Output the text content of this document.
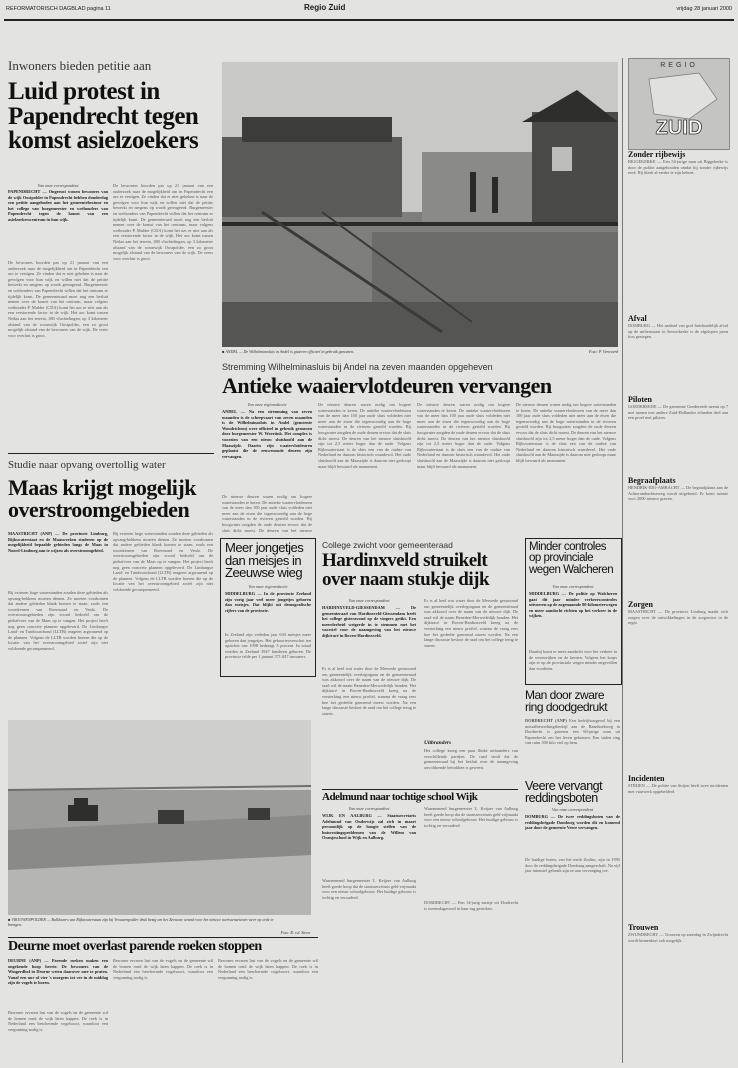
REFORMATORISCH DAGBLAD pagina 11	Regio Zuid	vrijdag 28 januari 2000
Inwoners bieden petitie aan
Luid protest in Papendrecht tegen komst asielzoekers
Van onze correspondent
PAPENDRECHT — Ongerust wonen bewoners van de wijk Oostpolder in Papendrecht hebben donderdag een petitie aangeboden aan het gemeentebestuur en het college van burgemeester en wethouders van Papendrecht tegen de komst van een asielzoekerscentrum in hun wijk.
De bewoners boorden pas op 21 januari van een onderzoek naar de mogelijkheid om in Papendrecht een azc te vestigen. Ze vinden dat er niet gekeken is naar de gevolgen voor hun wijk en willen niet dat de petitie bewerkt en nergens op wordt gereageerd. Burgemeester en wethouders van Papendrecht willen dat het centrum er tijdelijk komt. De gemeenteraad moet nog een besluit nemen over de komst van het centrum, maar volgens wethouder P. Mulder (CDA) komt het azc er niet aan als een verstorende factor in de wijk. Het azc komt tussen Nedaa aan het terrein, 380 vluchtelingen, op 3 kilometer afstand van de woonwijk Oostpolder, een zo groot mogelijk afstand van de bewoners van de wijk. De vrees voor overlast is groot.
De bewoners boorden pas op 21 januari van een onderzoek naar de mogelijkheid om in Papendrecht een azc te vestigen. Ze vinden dat er niet gekeken is naar de gevolgen voor hun wijk en willen niet dat de petitie bewerkt en nergens op wordt gereageerd. Burgemeester en wethouders van Papendrecht willen dat het centrum er tijdelijk komt. De gemeenteraad moet nog een besluit nemen over de komst van het centrum, maar volgens wethouder P. Mulder (CDA) komt het azc er niet aan als een verstorende factor in de wijk. Het azc komt tussen Nedaa aan het terrein, 380 vluchtelingen, op 3 kilometer afstand van de woonwijk Oostpolder, een zo groot mogelijk afstand van de bewoners van de wijk. De vrees voor overlast is groot.
■ ANDEL — De Wilhelminasluis in Andel is gisteren officieel in gebruik genomen.	Foto: P. Verwoerd
Stremming Wilhelminasluis bij Andel na zeven maanden opgeheven
Antieke waaiervlotdeuren vervangen
Van onze regioredactie
ANDEL — Na een stremming van zeven maanden is de scheepvaart van zeven maanden is de Wilhelminasluis in Andel (gemeente Woudrichem) weer officieel in gebruik genomen door burgemeester W. Woertink. Het complex is voorzien van een nieuw sluishoofd aan de Maaszijde. Daarin zijn waaiervlotdeuren geplaatst die de eeuwenoude deuren zijn vervangen.
De nieuwe deuren waren nodig om hogere waterstanden te keren. De antieke waaiervlotdeuren van de meer dan 100 jaar oude sluis voldeden niet meer aan de eisen die tegenwoordig aan de hoge waterstanden in de rivieren gesteld worden. Bij hoogwater zorgden de oude deuren ervoor dat de sluis dicht moest. De deuren van het nieuwe
De nieuwe deuren waren nodig om hogere waterstanden te keren. De antieke waaiervlotdeuren van de meer dan 100 jaar oude sluis voldeden niet meer aan de eisen die tegenwoordig aan de hoge waterstanden in de rivieren gesteld worden. Bij hoogwater zorgden de oude deuren ervoor dat de sluis dicht moest. De deuren van het nieuwe sluishoofd zijn tot 2,5 meter hoger dan de oude. Volgens Rijkswaterstaat is de sluis een van de oudste van Nederland en daarom historisch waardevol. Het oude sluishoofd aan de Maaszijde is daarom niet gesloopt maar blijft bewaard als monument.
De nieuwe deuren waren nodig om hogere waterstanden te keren. De antieke waaiervlotdeuren van de meer dan 100 jaar oude sluis voldeden niet meer aan de eisen die tegenwoordig aan de hoge waterstanden in de rivieren gesteld worden. Bij hoogwater zorgden de oude deuren ervoor dat de sluis dicht moest. De deuren van het nieuwe sluishoofd zijn tot 2,5 meter hoger dan de oude. Volgens Rijkswaterstaat is de sluis een van de oudste van Nederland en daarom historisch waardevol. Het oude sluishoofd aan de Maaszijde is daarom niet gesloopt maar blijft bewaard als monument.
De nieuwe deuren waren nodig om hogere waterstanden te keren. De antieke waaiervlotdeuren van de meer dan 100 jaar oude sluis voldeden niet meer aan de eisen die tegenwoordig aan de hoge waterstanden in de rivieren gesteld worden. Bij hoogwater zorgden de oude deuren ervoor dat de sluis dicht moest. De deuren van het nieuwe sluishoofd zijn tot 2,5 meter hoger dan de oude. Volgens Rijkswaterstaat is de sluis een van de oudste van Nederland en daarom historisch waardevol. Het oude sluishoofd aan de Maaszijde is daarom niet gesloopt maar blijft bewaard als monument.
Studie naar opvang overtollig water
Maas krijgt mogelijk overstroomgebieden
MAASTRICHT (ANP) — De provincie Limburg, Rijkswaterstaat en de Maaswerken studeren op de mogelijkheid bepaalde gebieden langs de Maas in Noord-Limburg aan te wijzen als overstroomgebied.
Bij extreem hoge waterstanden zouden deze gebieden als opvang-bekkens moeten dienen. Ze moeten voorkomen dat andere gebieden blank komen te staan, zoals een woonkernen van Roermond en Venlo. De overstroomgebieden zijn vooral bedoeld om de piekafvoer van de Maas op te vangen. Het project heeft nog geen concrete plannen opgeleverd. De Limburgse Land- en Tuinbouwbond (LLTB) reageert argwanend op de plannen. Volgens de LLTB worden boeren die op de locatie van het overstroomgebied actief zijn niet voldoende gecompenseerd.
Bij extreem hoge waterstanden zouden deze gebieden als opvang-bekkens moeten dienen. Ze moeten voorkomen dat andere gebieden blank komen te staan, zoals een woonkernen van Roermond en Venlo. De overstroomgebieden zijn vooral bedoeld om de piekafvoer van de Maas op te vangen. Het project heeft nog geen concrete plannen opgeleverd. De Limburgse Land- en Tuinbouwbond (LLTB) reageert argwanend op de plannen. Volgens de LLTB worden boeren die op de locatie van het overstroomgebied actief zijn niet voldoende gecompenseerd.
■ VROUWENPOLDER — Bulldozers van Rijkswaterstaat zijn bij Vrouwenpolder druk bezig om het Zeeuwse strand voor het nieuwe toeristenseizoen weer op orde te brengen.
Foto: R. v.d. Steen
Meer jongetjes dan meisjes in Zeeuwse wieg
Van onze regioredactie
MIDDELBURG — In de provincie Zeeland zijn vorig jaar veel meer jongetjes geboren dan meisjes. Dat blijkt uit demografische cijfers van de provincie.
In Zeeland zijn verleden jaar 630 meisjes meer geboren dan jongetjes. Het geboorteoverschot ten opzichte van 1998 bedraagt 3 procent. In totaal werden in Zeeland 3947 kinderen geboren. De provincie telde per 1 januari 371.847 inwoners.
College zwicht voor gemeenteraad
Hardinxveld struikelt over naam stukje dijk
Van onze correspondent
HARDINXVELD-GIESSENDAM	— De gemeenteraad van Hardinxveld-Giessendam heeft het college gisteravond op de vingers getikt. Een meerderheid weigerde in te stemmen met het voorstel voor de naamgeving van het nieuwe dijktracé in Boven-Hardinxveld.
Er is al heel wat water door de Merwede gestroomd om gemeentelijk overlegorgaan en de gemeenteraad was akkoord over de naam van de nieuwe dijk. De raad wil de naam Beneden-Merwededijk houden. Het dijktracé in Boven-Hardinxveld kreeg na de versterking een nieuw profiel, waarna de vraag rees hoe het gedeelte genoemd moest worden. Na een lange discussie besloot de raad om het college terug te sturen.
Er is al heel wat water door de Merwede gestroomd om gemeentelijk overlegorgaan en de gemeenteraad was akkoord over de naam van de nieuwe dijk. De raad wil de naam Beneden-Merwededijk houden. Het dijktracé in Boven-Hardinxveld kreeg na de versterking een nieuw profiel, waarna de vraag rees hoe het gedeelte genoemd moest worden. Na een lange discussie besloot de raad om het college terug te sturen.
Uitbranders
Het college kreeg een paar flinke uitbranders van verschillende partijen. De raad vindt dat de gemeenteraad bij het besluit over de naamgeving onvoldoende betrokken is geweest.
Adelmund naar tochtige school Wijk
Van onze correspondent
WIJK EN AALBURG — Staatssecretaris Adelmund van Onderwijs zal zich in maart persoonlijk op de hoogte stellen van de huisvestingsproblemen van de Willem van Oranjeschool in Wijk en Aalburg.
Waarnemend burgemeester L. Keijzer van Aalburg heeft goede hoop dat de staatssecretaris geld vrijmaakt voor een nieuw schoolgebouw. Het huidige gebouw is tochtig en verouderd.
Waarnemend burgemeester L. Keijzer van Aalburg heeft goede hoop dat de staatssecretaris geld vrijmaakt voor een nieuw schoolgebouw. Het huidige gebouw is tochtig en verouderd.
DORDRECHT — Een 14-jarig meisje uit Dordrecht is woensdagavond in haar rug gestoken.
Minder controles op provinciale wegen Walcheren
Van onze correspondent
MIDDELBURG — De politie op Walcheren gaat dit jaar minder verkeerscontroles uitvoeren op de zogenaamde 80-kilometerwegen en meer aandacht richten op het verkeer in de wijken.
Daarbij komt er meer aandacht voor het verkeer in de woonwijken en de kernen. Volgens het korps zijn er op de provinciale wegen minder ongevallen dan voorheen.
Man door zware ring doodgedrukt
DORDRECHT (ANP) Een bedrijfsongeval bij een metaalbewerkingsbedrijf aan de Baanhoekweg in Dordrecht is gisteren een 60-jarige man uit Papendrecht om het leven gekomen. Een stalen ring van ruim 500 kilo viel op hem.
Veere vervangt reddingsboten
Van onze correspondent
DOMBURG — De twee reddingsboten van de reddingsbrigade Domburg worden dit en komend jaar door de gemeente Veere vervangen.
De huidige boten, van het merk Zodiac, zijn in 1995 door de reddingsbrigade Domburg aangeschaft. Na vijf jaar intensief gebruik zijn ze aan vervanging toe.
Deurne moet overlast parende roeken stoppen
DEURNE (ANP) — Parende roeken maken een ongekende boop herrie. De bewoners van de Wingerdhof in Deurne weten daarover mee te praten. Vanaf een uur of vier 's morgens tot ver in de middag zijn de vogels te horen.
Bewoner ervaren last van de vogels en de gemeente wil de bomen rond de wijk laten kappen. De roek is in Nederland een beschermde vogelsoort, waardoor een vergunning nodig is.
Bewoner ervaren last van de vogels en de gemeente wil de bomen rond de wijk laten kappen. De roek is in Nederland een beschermde vogelsoort, waardoor een vergunning nodig is.
Bewoner ervaren last van de vogels en de gemeente wil de bomen rond de wijk laten kappen. De roek is in Nederland een beschermde vogelsoort, waardoor een vergunning nodig is.
REGIO
ZUID
Zonder rijbewijs
BIGGEKERKE — Een 54-jarige man uit Biggekerke is door de politie aangehouden omdat hij zonder rijbewijs reed. Hij bleek al eerder te zijn beboet.
Afval
DOMBURG — Het aanbod van grof huishoudelijk afval op de milieustraat in Serooskerke is de afgelopen jaren fors gestegen.
Piloten
GOEDEREEDE — De gemeente Goedereede neemt op 7 mei samen met andere Zuid-Hollandse eilanden deel aan een proef met piloten.
Begraafplaats
HENDRIK-IDO-AMBACHT — De begraafplaats aan de Achterambachtseweg wordt uitgebreid. Er komt ruimte voor 2000 nieuwe graven.
Zorgen
MAASTRICHT — De provincie Limburg maakt zich zorgen over de ontwikkelingen in de zorgsector in de regio.
Incidenten
STRIJEN — De politie van Strijen heeft twee incidenten met vuurwerk opgehelderd.
Trouwen
ZWIJNDRECHT — Trouwen op zaterdag in Zwijndrecht wordt binnenkort ook mogelijk.
